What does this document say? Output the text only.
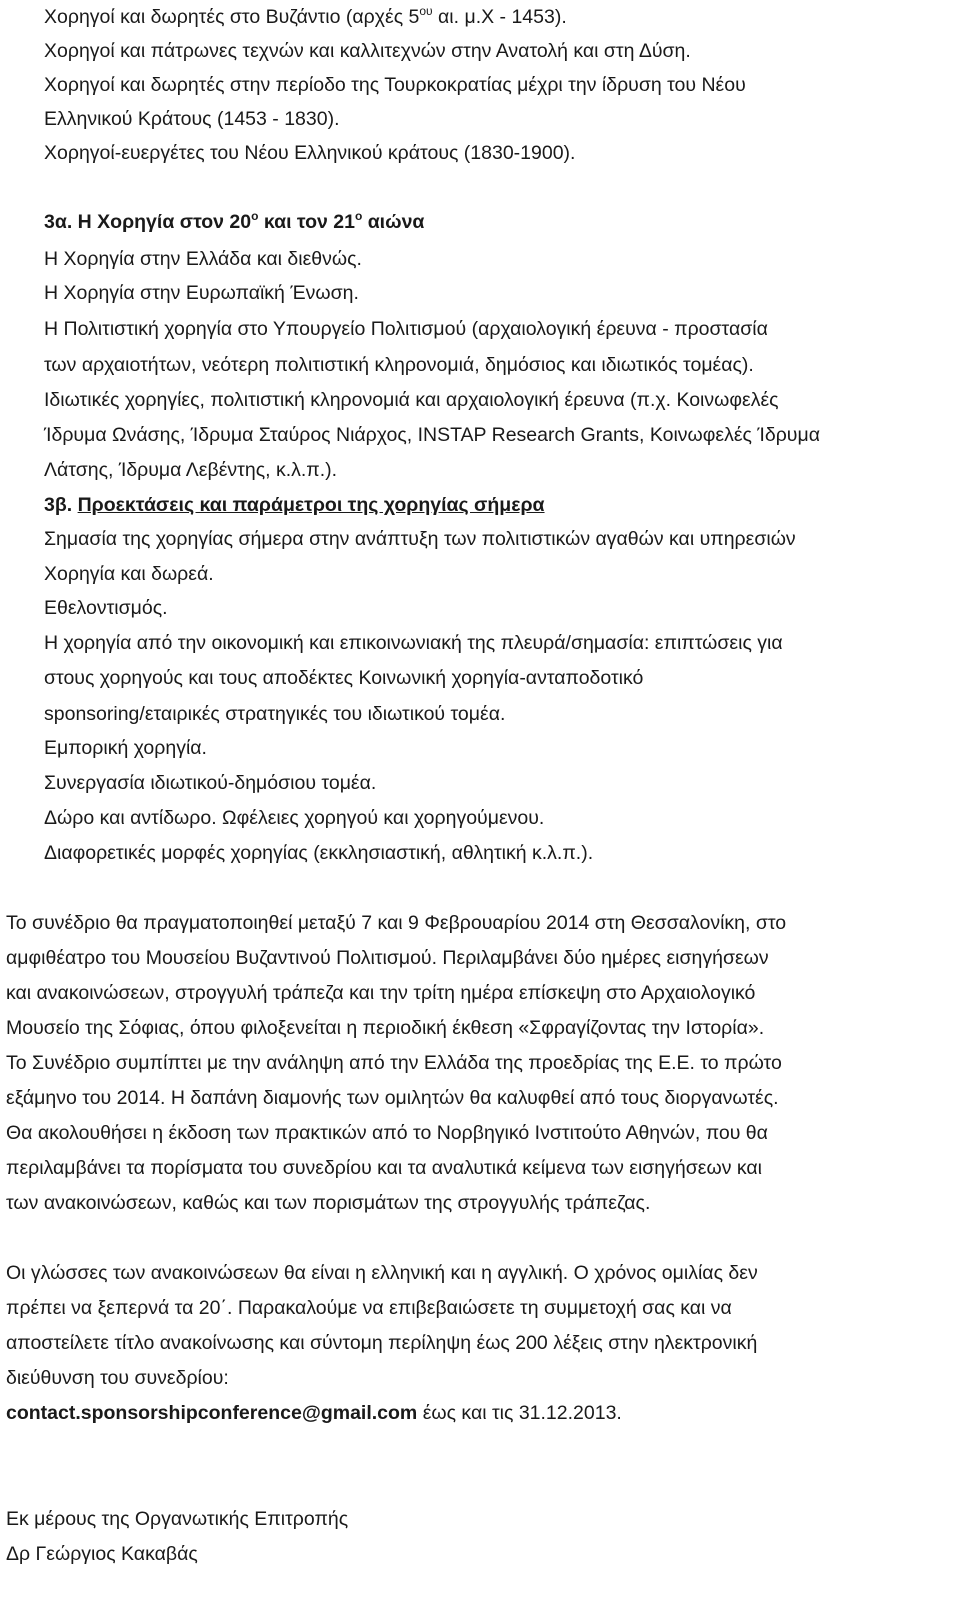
Χορηγοί και δωρητές στο Βυζάντιο (αρχές $5^{o\upsilon}$ αι. μ.Χ - 1453).
Χορηγοί και πάτρωνες τεχνών και καλλιτεχνών στην Ανατολή και στη Δύση.
Χορηγοί και δωρητές στην περίοδο της Τουρκοκρατίας μέχρι την ίδρυση του Νέου
Ελληνικού Κράτους (1453 - 1830).
Χορηγοί-ευεργέτες του Νέου Ελληνικού κράτους (1830-1900).
3α. Η Χορηγία στον $20^o$ και τον $21^o$ αιώνα
Η Χορηγία στην Ελλάδα και διεθνώς.
Η Χορηγία στην Ευρωπαϊκή Ένωση.
Η Πολιτιστική χορηγία στο Υπουργείο Πολιτισμού (αρχαιολογική έρευνα - προστασία
των αρχαιοτήτων, νεότερη πολιτιστική κληρονομιά, δημόσιος και ιδιωτικός τομέας).
Ιδιωτικές χορηγίες, πολιτιστική κληρονομιά και αρχαιολογική έρευνα (π.χ. Κοινωφελές
Ίδρυμα Ωνάσης, Ίδρυμα Σταύρος Νιάρχος, INSTAP Research Grants, Κοινωφελές Ίδρυμα
Λάτσης, Ίδρυμα Λεβέντης, κ.λ.π.).
3β. Προεκτάσεις και παράμετροι της χορηγίας σήμερα
Σημασία της χορηγίας σήμερα στην ανάπτυξη των πολιτιστικών αγαθών και υπηρεσιών
Χορηγία και δωρεά.
Εθελοντισμός.
Η χορηγία από την οικονομική και επικοινωνιακή της πλευρά/σημασία: επιπτώσεις για
στους χορηγούς και τους αποδέκτες Κοινωνική χορηγία-ανταποδοτικό
sponsoring/εταιρικές στρατηγικές του ιδιωτικού τομέα.
Εμπορική χορηγία.
Συνεργασία ιδιωτικού-δημόσιου τομέα.
Δώρο και αντίδωρο. Ωφέλειες χορηγού και χορηγούμενου.
Διαφορετικές μορφές χορηγίας (εκκλησιαστική, αθλητική κ.λ.π.).
Το συνέδριο θα πραγματοποιηθεί μεταξύ 7 και 9 Φεβρουαρίου 2014 στη Θεσσαλονίκη, στο
αμφιθέατρο του Μουσείου Βυζαντινού Πολιτισμού. Περιλαμβάνει δύο ημέρες εισηγήσεων
και ανακοινώσεων, στρογγυλή τράπεζα και την τρίτη ημέρα επίσκεψη στο Αρχαιολογικό
Μουσείο της Σόφιας, όπου φιλοξενείται η περιοδική έκθεση «Σφραγίζοντας την Ιστορία».
Το Συνέδριο συμπίπτει με την ανάληψη από την Ελλάδα της προεδρίας της Ε.Ε. το πρώτο
εξάμηνο του 2014. Η δαπάνη διαμονής των ομιλητών θα καλυφθεί από τους διοργανωτές.
Θα ακολουθήσει η έκδοση των πρακτικών από το Νορβηγικό Ινστιτούτο Αθηνών, που θα
περιλαμβάνει τα πορίσματα του συνεδρίου και τα αναλυτικά κείμενα των εισηγήσεων και
των ανακοινώσεων, καθώς και των πορισμάτων της στρογγυλής τράπεζας.
Οι γλώσσες των ανακοινώσεων θα είναι η ελληνική και η αγγλική. Ο χρόνος ομιλίας δεν
πρέπει να ξεπερνά τα 20΄. Παρακαλούμε να επιβεβαιώσετε τη συμμετοχή σας και να
αποστείλετε τίτλο ανακοίνωσης και σύντομη περίληψη έως 200 λέξεις στην ηλεκτρονική
διεύθυνση του συνεδρίου:
contact.sponsorshipconference@gmail.com έως και τις 31.12.2013.
Εκ μέρους της Οργανωτικής Επιτροπής
Δρ Γεώργιος Κακαβάς
